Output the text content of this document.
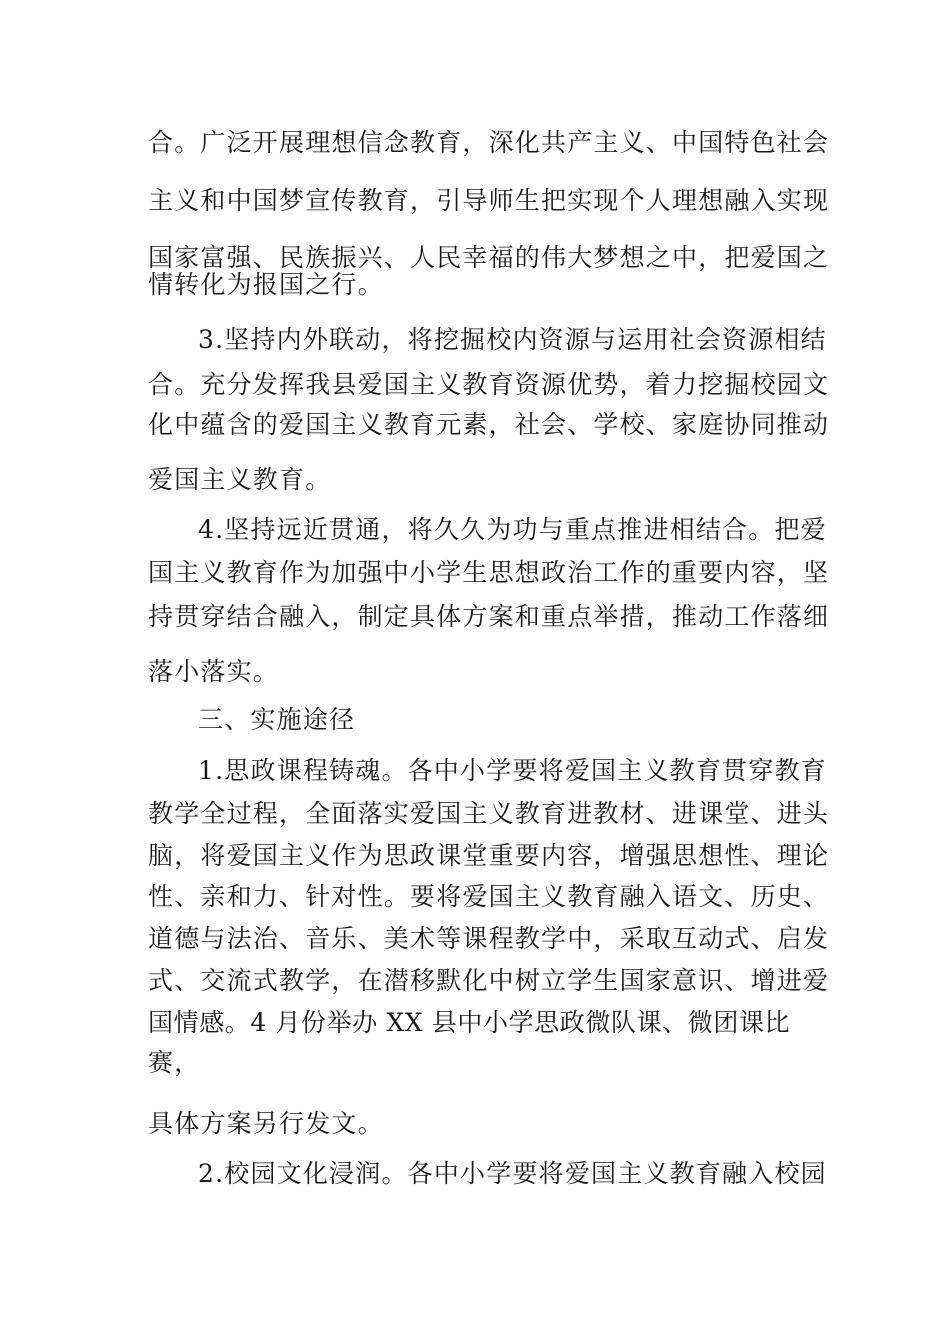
合。广泛开展理想信念教育，深化共产主义、中国特色社会
主义和中国梦宣传教育，引导师生把实现个人理想融入实现
国家富强、民族振兴、人民幸福的伟大梦想之中，把爱国之
情转化为报国之行。
3.坚持内外联动，将挖掘校内资源与运用社会资源相结
合。充分发挥我县爱国主义教育资源优势，着力挖掘校园文
化中蕴含的爱国主义教育元素，社会、学校、家庭协同推动
爱国主义教育。
4.坚持远近贯通，将久久为功与重点推进相结合。把爱
国主义教育作为加强中小学生思想政治工作的重要内容，坚
持贯穿结合融入，制定具体方案和重点举措，推动工作落细
落小落实。
三、实施途径
1.思政课程铸魂。各中小学要将爱国主义教育贯穿教育
教学全过程，全面落实爱国主义教育进教材、进课堂、进头
脑，将爱国主义作为思政课堂重要内容，增强思想性、理论
性、亲和力、针对性。要将爱国主义教育融入语文、历史、
道德与法治、音乐、美术等课程教学中，采取互动式、启发
式、交流式教学，在潜移默化中树立学生国家意识、增进爱
国情感。4 月份举办 XX 县中小学思政微队课、微团课比
赛，
具体方案另行发文。
2.校园文化浸润。各中小学要将爱国主义教育融入校园
